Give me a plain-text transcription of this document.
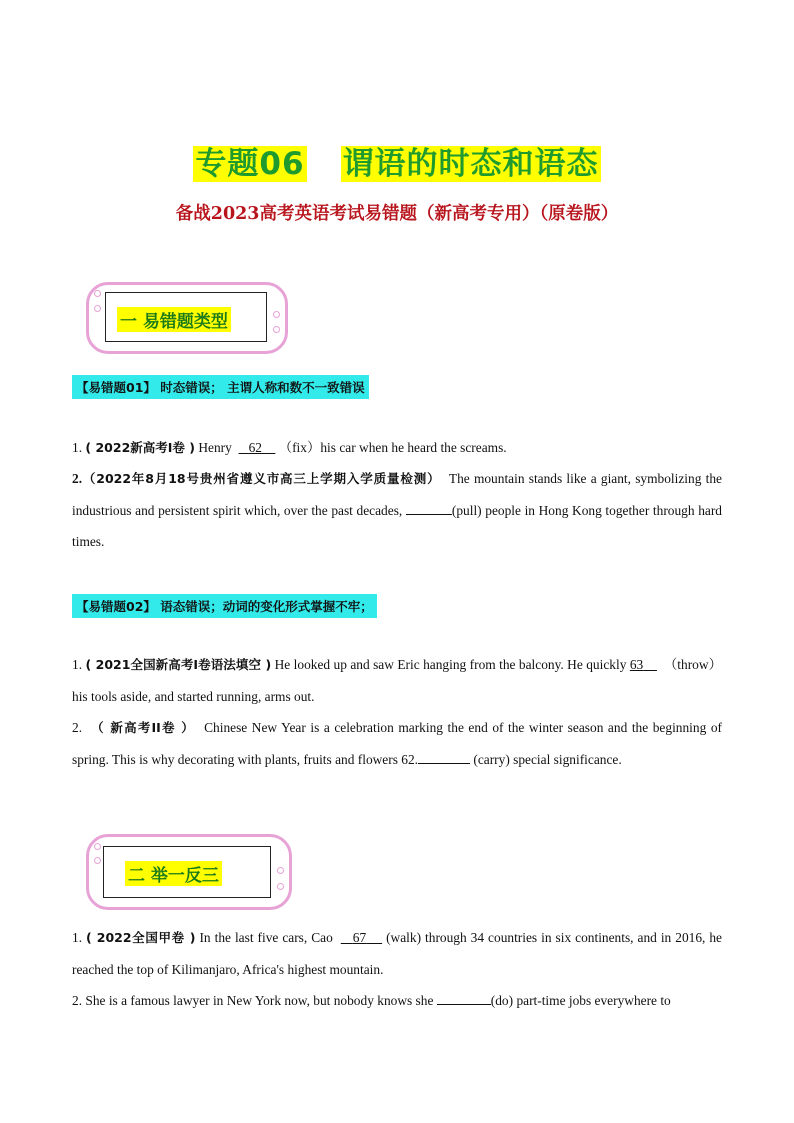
专题06 谓语的时态和语态
备战2023高考英语考试易错题（新高考专用）（原卷版）
一 易错题类型
【易错题01】 时态错误； 主谓人称和数不一致错误
1. ( 2022新高考I卷 ) Henry 62 （fix）his car when he heard the screams.
2.（2022年8月18号贵州省遵义市高三上学期入学质量检测） The mountain stands like a giant, symbolizing the industrious and persistent spirit which, over the past decades,	(pull) people in Hong Kong together through hard times.
【易错题02】 语态错误；动词的变化形式掌握不牢；
1. ( 2021全国新高考I卷语法填空 ) He looked up and saw Eric hanging from the balcony. He quickly 63 （throw）his tools aside, and started running, arms out.
2. （ 新高考II卷 ） Chinese New Year is a celebration marking the end of the winter season and the beginning of spring. This is why decorating with plants, fruits and flowers 62.	(carry) special significance.
二 举一反三
1. ( 2022全国甲卷 ) In the last five cars, Cao 67 (walk) through 34 countries in six continents, and in 2016, he reached the top of Kilimanjaro, Africa's highest mountain.
2. She is a famous lawyer in New York now, but nobody knows she	(do) part-time jobs everywhere to
